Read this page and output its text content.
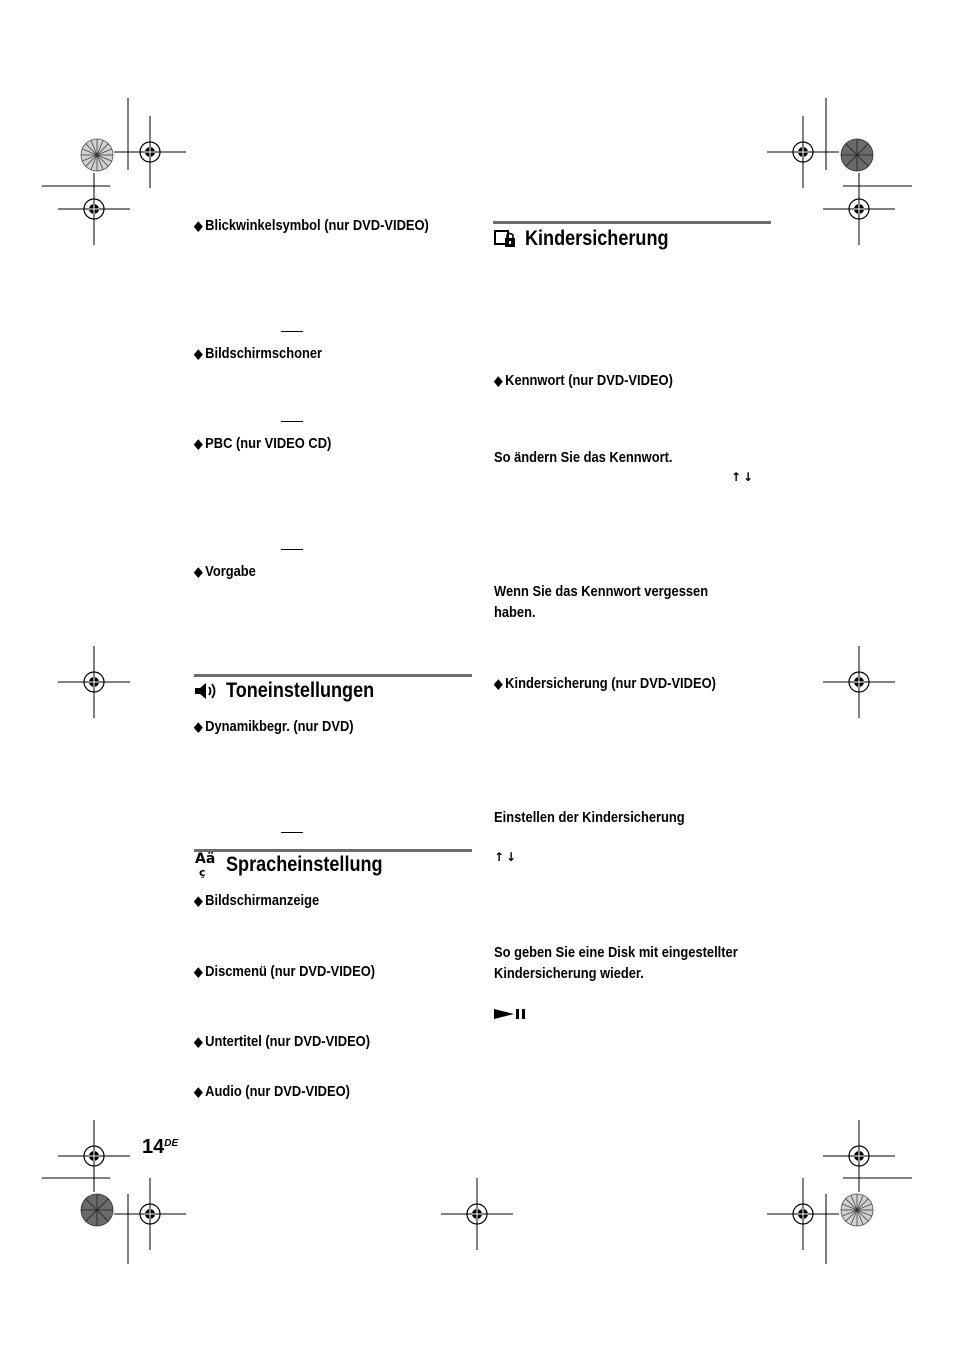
◆ Blickwinkelsymbol (nur DVD-VIDEO)
◆ Bildschirmschoner
◆ PBC (nur VIDEO CD)
◆ Vorgabe
Toneinstellungen
◆ Dynamikbegr. (nur DVD)
Aä
ç Spracheinstellung
◆ Bildschirmanzeige
◆ Discmenü (nur DVD-VIDEO)
◆ Untertitel (nur DVD-VIDEO)
◆ Audio (nur DVD-VIDEO)
14DE
Kindersicherung
◆ Kennwort (nur DVD-VIDEO)
So ändern Sie das Kennwort.
↑↓
Wenn Sie das Kennwort vergessen
haben.
◆ Kindersicherung (nur DVD-VIDEO)
Einstellen der Kindersicherung
↑↓
So geben Sie eine Disk mit eingestellter
Kindersicherung wieder.
